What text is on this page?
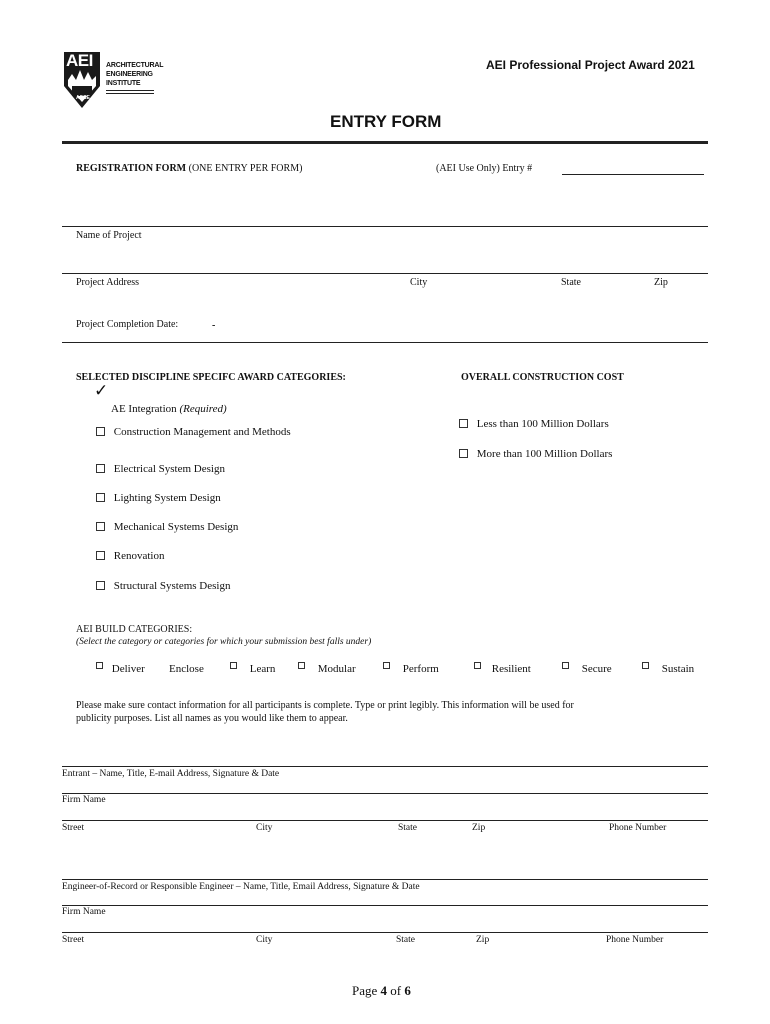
AEI
ASCE
ARCHITECTURAL
ENGINEERING
INSTITUTE
AEI Professional Project Award 2021
ENTRY FORM
REGISTRATION FORM (ONE ENTRY PER FORM)	(AEI Use Only) Entry #
Name of Project
Project Address	City	State	Zip
Project Completion Date:	-
SELECTED DISCIPLINE SPECIFC AWARD CATEGORIES:
✓
AE Integration (Required)
Construction Management and Methods
Electrical System Design
Lighting System Design
Mechanical Systems Design
Renovation
Structural Systems Design
OVERALL CONSTRUCTION COST
Less than 100 Million Dollars
More than 100 Million Dollars
AEI BUILD CATEGORIES:
(Select the category or categories for which your submission best falls under)
Deliver Enclose	Learn	Modular	Perform	Resilient	Secure	Sustain
Please make sure contact information for all participants is complete. Type or print legibly. This information will be used for
publicity purposes. List all names as you would like them to appear.
Entrant – Name, Title, E-mail Address, Signature & Date
Firm Name
Street	City	State	Zip	Phone Number
Engineer-of-Record or Responsible Engineer – Name, Title, Email Address, Signature & Date
Firm Name
Street	City	State	Zip	Phone Number
Page 4 of 6
